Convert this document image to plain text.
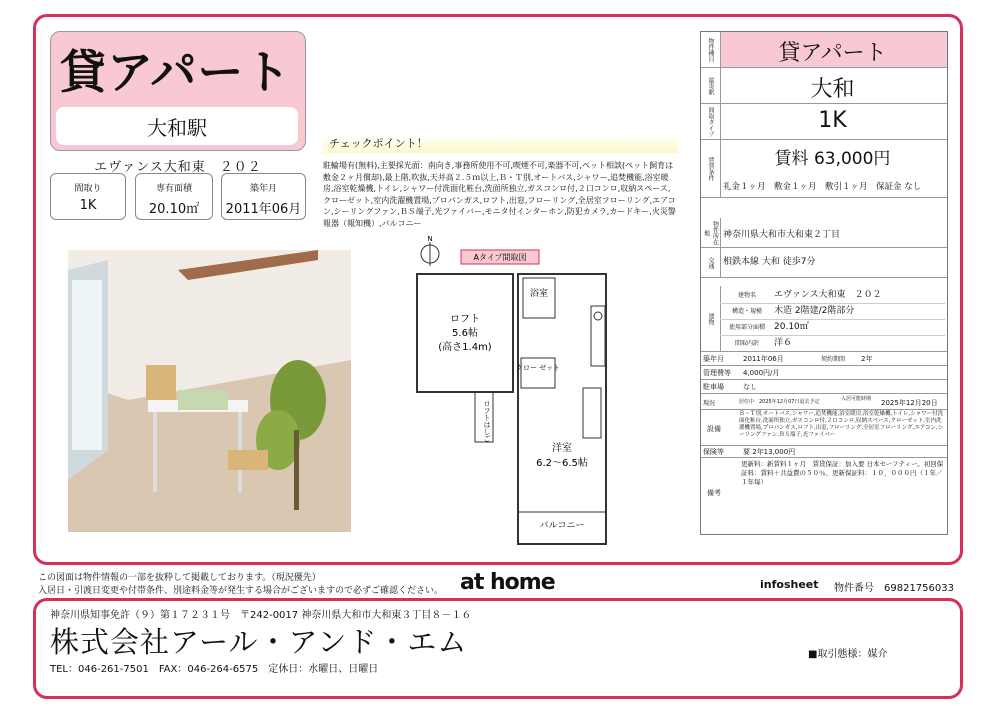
貸アパート
大和駅
エヴァンス大和東　２０２
間取り
1K
専有面積
20.10㎡
築年月
2011年06月
チェックポイント！
駐輪場有(無料),主要採光面：南向き,事務所使用不可,喫煙不可,楽器不可,ペット相談(ペット飼育は敷金２ヶ月償却),最上階,吹抜,天井高２.５ｍ以上,Ｂ・Ｔ別,オートバス,シャワー,追焚機能,浴室暖房,浴室乾燥機,トイレ,シャワー付洗面化粧台,洗面所独立,ガスコンロ付,２口コンロ,収納スペース,クローゼット,室内洗濯機置場,プロパンガス,ロフト,出窓,フローリング,全居室フローリング,エアコン,シーリングファン,ＢＳ端子,光ファイバー,モニタ付インターホン,防犯カメラ,カードキー,火災警報器（報知機）,バルコニー
N
Aタイプ間取図
ロフト
5.6帖
(高さ1.4m)
ロフトはしご
浴室
クロー ゼット
洋室
6.2〜6.5帖
バルコニー
物件種目	貸アパート
最寄駅	大和
間取タイプ	1K
賃貸条件	賃料 63,000円
礼金１ヶ月　敷金１ヶ月　敷引１ヶ月　保証金 なし
物件所在地	神奈川県大和市大和東２丁目
交通	相鉄本線 大和 徒歩7分
建物
建物名 エヴァンス大和東　２０２
構造・規模 木造 2階建/2階部分
使用部分面積 20.10㎡
間取内訳 洋６
築年月	2011年06月	契約期間 2年
管理費等 4,000円/月
駐車場	なし
現況	居住中　2025年12月07日退去予定	入居可能時期	2025年12月20日
設備
Ｂ・Ｔ別,オートバス,シャワー,追焚機能,浴室暖房,浴室乾燥機,トイレ,シャワー付洗面化粧台,洗面所独立,ガスコンロ付,２口コンロ,収納スペース,クローゼット,室内洗濯機置場,プロパンガス,ロフト,出窓,フローリング,全居室フローリング,エアコン,シーリングファン,ＢＳ端子,光ファイバー
保険等	要 2年13,000円
備考
更新料：新賃料１ヶ月　賃貸保証：加入要 日本セーフティー。初回保証料：賃料＋共益費の５０％、更新保証料：１０，０００円（１年／１年毎）
この図面は物件情報の一部を抜粋して掲載しております。（現況優先）
入居日・引渡日変更や付帯条件、別途料金等が発生する場合がございますので必ずご確認ください。 at home	infosheet 物件番号　69821756033
神奈川県知事免許（９）第１７２３１号　〒242-0017 神奈川県大和市大和東３丁目８－１６
株式会社アール・アンド・エム
TEL：046-261-7501　FAX：046-264-6575　定休日：水曜日、日曜日
■取引態様：媒介
